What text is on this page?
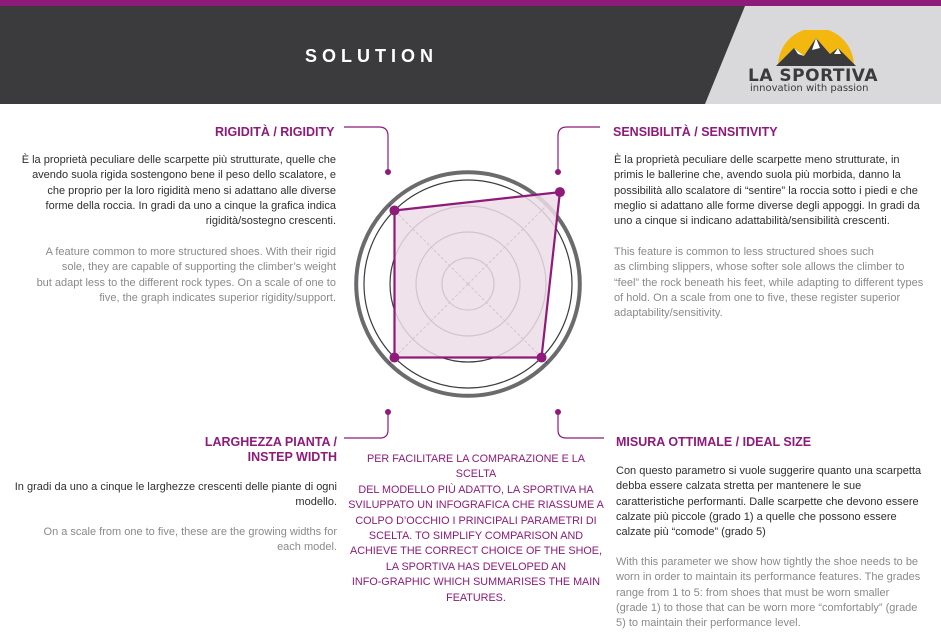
SOLUTION
LA SPORTIVA
innovation with passion
RIGIDITÀ / RIGIDITY
È la proprietà peculiare delle scarpette più strutturate, quelle che
avendo suola rigida sostengono bene il peso dello scalatore, e
che proprio per la loro rigidità meno si adattano alle diverse
forme della roccia. In gradi da uno a cinque la grafica indica
rigidità/sostegno crescenti.
A feature common to more structured shoes. With their rigid
sole, they are capable of supporting the climber’s weight
but adapt less to the different rock types. On a scale of one to
five, the graph indicates superior rigidity/support.
SENSIBILITÀ / SENSITIVITY
È la proprietà peculiare delle scarpette meno strutturate, in
primis le ballerine che, avendo suola più morbida, danno la
possibilità allo scalatore di “sentire” la roccia sotto i piedi e che
meglio si adattano alle forme diverse degli appoggi. In gradi da
uno a cinque si indicano adattabilità/sensibilità crescenti.
This feature is common to less structured shoes such
as climbing slippers, whose softer sole allows the climber to
“feel” the rock beneath his feet, while adapting to different types
of hold. On a scale from one to five, these register superior
adaptability/sensitivity.
LARGHEZZA PIANTA /
INSTEP WIDTH
In gradi da uno a cinque le larghezze crescenti delle piante di ogni
modello.
On a scale from one to five, these are the growing widths for
each model.
MISURA OTTIMALE / IDEAL SIZE
Con questo parametro si vuole suggerire quanto una scarpetta
debba essere calzata stretta per mantenere le sue
caratteristiche performanti. Dalle scarpette che devono essere
calzate più piccole (grado 1) a quelle che possono essere
calzate più “comode” (grado 5)
With this parameter we show how tightly the shoe needs to be
worn in order to maintain its performance features. The grades
range from 1 to 5: from shoes that must be worn smaller
(grade 1) to those that can be worn more “comfortably” (grade
5) to maintain their performance level.
PER FACILITARE LA COMPARAZIONE E LA SCELTA
DEL MODELLO PIÙ ADATTO, LA SPORTIVA HA
SVILUPPATO UN INFOGRAFICA CHE RIASSUME A
COLPO D’OCCHIO I PRINCIPALI PARAMETRI DI
SCELTA. TO SIMPLIFY COMPARISON AND
ACHIEVE THE CORRECT CHOICE OF THE SHOE,
LA SPORTIVA HAS DEVELOPED AN
INFO-GRAPHIC WHICH SUMMARISES THE MAIN
FEATURES.
